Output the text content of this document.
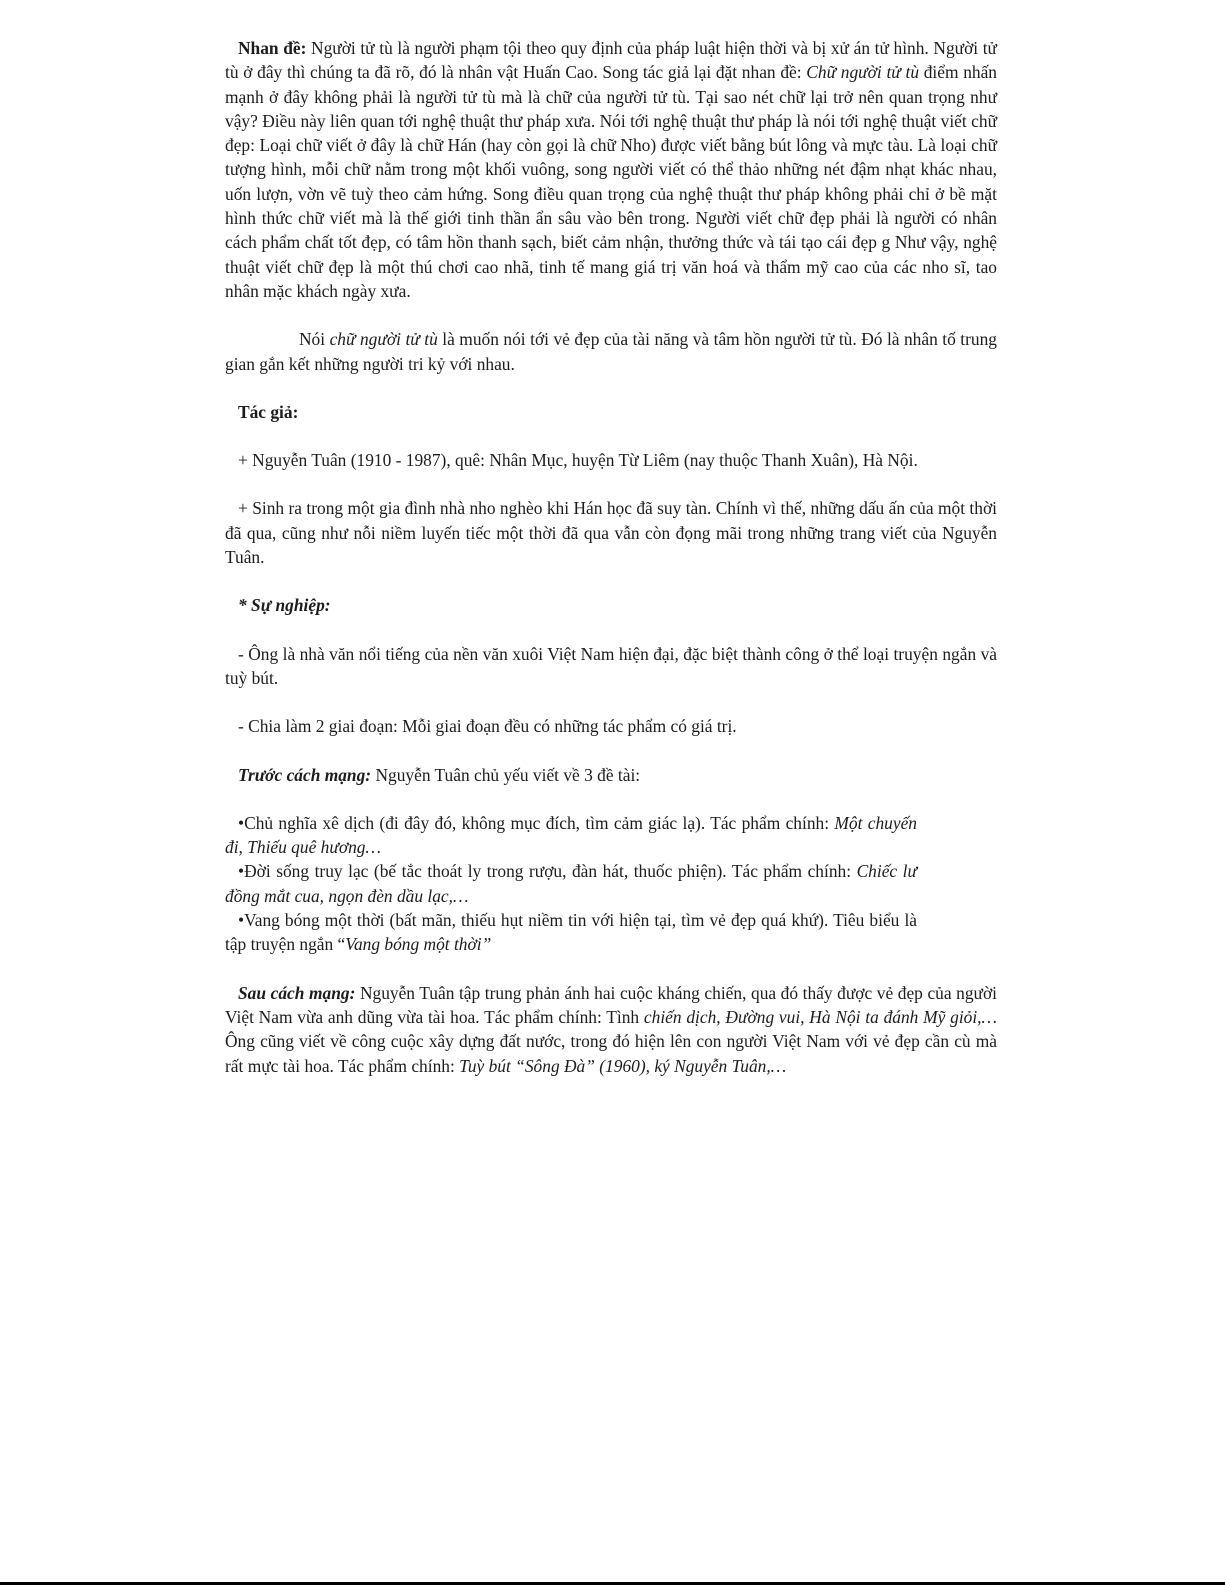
Nhan đề: Người tử tù là người phạm tội theo quy định của pháp luật hiện thời và bị xử án tử hình. Người tử tù ở đây thì chúng ta đã rõ, đó là nhân vật Huấn Cao. Song tác giả lại đặt nhan đề: Chữ người tử tù điểm nhấn mạnh ở đây không phải là người tử tù mà là chữ của người tử tù. Tại sao nét chữ lại trở nên quan trọng như vậy? Điều này liên quan tới nghệ thuật thư pháp xưa. Nói tới nghệ thuật thư pháp là nói tới nghệ thuật viết chữ đẹp: Loại chữ viết ở đây là chữ Hán (hay còn gọi là chữ Nho) được viết bằng bút lông và mực tàu. Là loại chữ tượng hình, mỗi chữ nằm trong một khối vuông, song người viết có thể thảo những nét đậm nhạt khác nhau, uốn lượn, vờn vẽ tuỳ theo cảm hứng. Song điều quan trọng của nghệ thuật thư pháp không phải chỉ ở bề mặt hình thức chữ viết mà là thế giới tinh thần ẩn sâu vào bên trong. Người viết chữ đẹp phải là người có nhân cách phẩm chất tốt đẹp, có tâm hồn thanh sạch, biết cảm nhận, thưởng thức và tái tạo cái đẹp g Như vậy, nghệ thuật viết chữ đẹp là một thú chơi cao nhã, tinh tế mang giá trị văn hoá và thẩm mỹ cao của các nho sĩ, tao nhân mặc khách ngày xưa.

Nói chữ người tử tù là muốn nói tới vẻ đẹp của tài năng và tâm hồn người tử tù. Đó là nhân tố trung gian gắn kết những người tri kỷ với nhau.

Tác giả:

+ Nguyễn Tuân (1910 - 1987), quê: Nhân Mục, huyện Từ Liêm (nay thuộc Thanh Xuân), Hà Nội.

+ Sinh ra trong một gia đình nhà nho nghèo khi Hán học đã suy tàn. Chính vì thế, những dấu ấn của một thời đã qua, cũng như nỗi niềm luyến tiếc một thời đã qua vẫn còn đọng mãi trong những trang viết của Nguyễn Tuân.

* Sự nghiệp:

- Ông là nhà văn nổi tiếng của nền văn xuôi Việt Nam hiện đại, đặc biệt thành công ở thể loại truyện ngắn và tuỳ bút.

- Chia làm 2 giai đoạn: Mỗi giai đoạn đều có những tác phẩm có giá trị.

Trước cách mạng: Nguyễn Tuân chủ yếu viết về 3 đề tài:

•Chủ nghĩa xê dịch (đi đây đó, không mục đích, tìm cảm giác lạ). Tác phẩm chính: Một chuyến đi, Thiếu quê hương…

•Đời sống truy lạc (bế tắc thoát ly trong rượu, đàn hát, thuốc phiện). Tác phẩm chính: Chiếc lư đồng mắt cua, ngọn đèn dầu lạc,…

•Vang bóng một thời (bất mãn, thiếu hụt niềm tin với hiện tại, tìm vẻ đẹp quá khứ). Tiêu biểu là tập truyện ngắn “Vang bóng một thời”

Sau cách mạng: Nguyễn Tuân tập trung phản ánh hai cuộc kháng chiến, qua đó thấy được vẻ đẹp của người Việt Nam vừa anh dũng vừa tài hoa. Tác phẩm chính: Tình chiến dịch, Đường vui, Hà Nội ta đánh Mỹ giỏi,…Ông cũng viết về công cuộc xây dựng đất nước, trong đó hiện lên con người Việt Nam với vẻ đẹp cần cù mà rất mực tài hoa. Tác phẩm chính: Tuỳ bút “Sông Đà” (1960), ký Nguyễn Tuân,…
